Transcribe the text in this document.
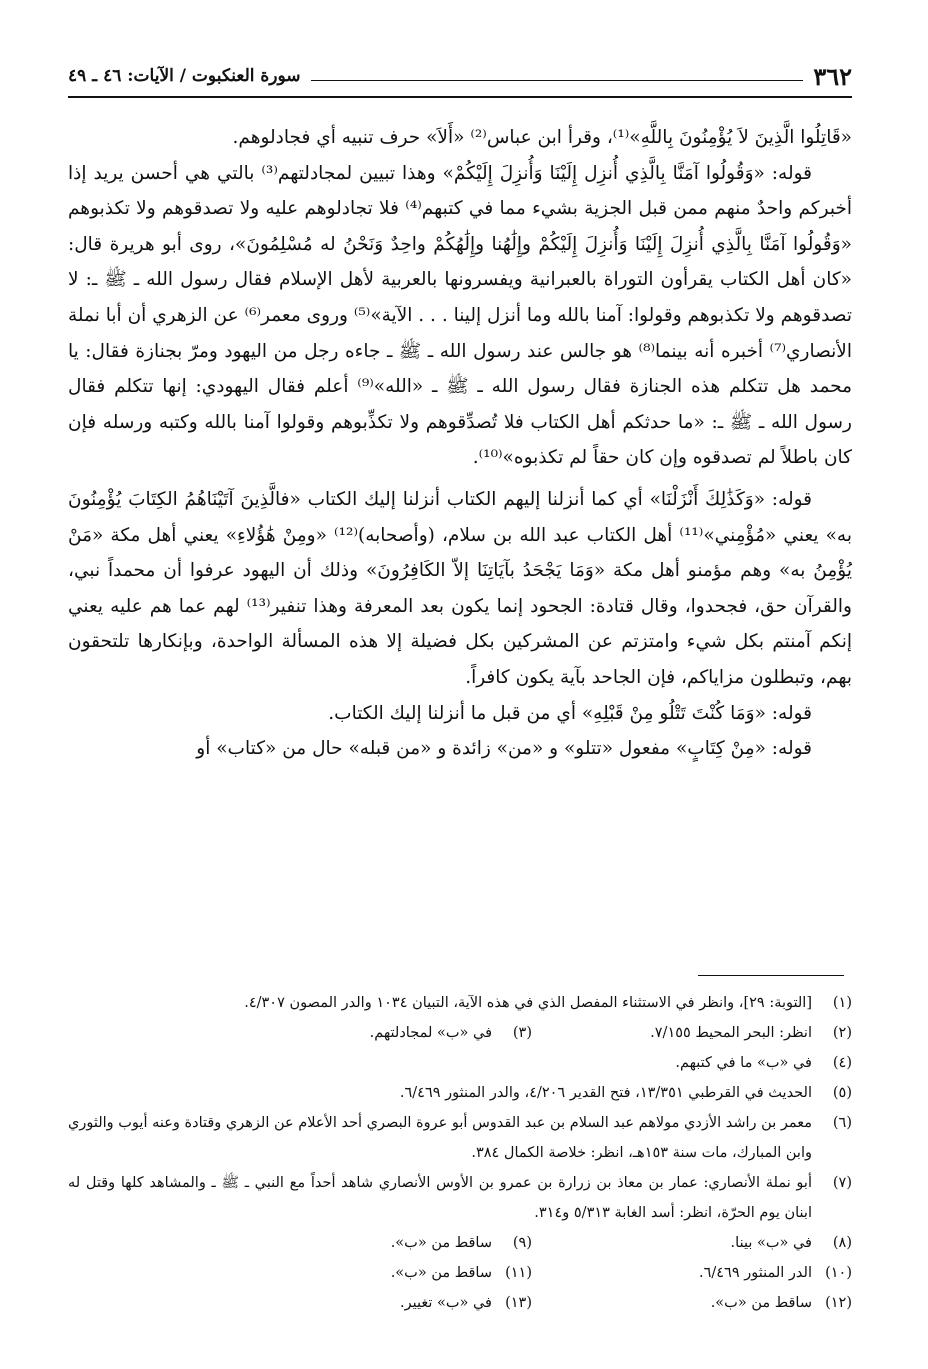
٣٦٢
سورة العنكبوت / الآيات: ٤٦ ـ ٤٩

«قَاتِلُوا الَّذِينَ لاَ يُؤْمِنُونَ بِاللَّهِ»⁽¹⁾، وقرأ ابن عباس⁽²⁾ «أَلاَ» حرف تنبيه أي فجادلوهم.

قوله: «وَقُولُوا آمَنَّا بِالَّذِي أُنزِل إِلَيْنَا وَأُنزِلَ إِلَيْكُمْ» وهذا تبيين لمجادلتهم⁽³⁾ بالتي هي أحسن يريد إذا أخبركم واحدٌ منهم ممن قبل الجزية بشيء مما في كتبهم⁽⁴⁾ فلا تجادلوهم عليه ولا تصدقوهم ولا تكذبوهم «وَقُولُوا آمَنَّا بِالَّذِي أُنزِلَ إِلَيْنَا وَأُنزِلَ إِلَيْكُمْ وإِلَٰهُنا وإِلَٰهُكُمْ واحِدٌ وَنَحْنُ له مُسْلِمُونَ»، روى أبو هريرة قال: «كان أهل الكتاب يقرأون التوراة بالعبرانية ويفسرونها بالعربية لأهل الإسلام فقال رسول الله ـ ﷺ ـ: لا تصدقوهم ولا تكذبوهم وقولوا: آمنا بالله وما أنزل إلينا . . . الآية»⁽⁵⁾ وروى معمر⁽⁶⁾ عن الزهري أن أبا نملة الأنصاري⁽⁷⁾ أخبره أنه بينما⁽⁸⁾ هو جالس عند رسول الله ـ ﷺ ـ جاءه رجل من اليهود ومرّ بجنازة فقال: يا محمد هل تتكلم هذه الجنازة فقال رسول الله ـ ﷺ ـ «الله»⁽⁹⁾ أعلم فقال اليهودي: إنها تتكلم فقال رسول الله ـ ﷺ ـ: «ما حدثكم أهل الكتاب فلا تُصدِّقوهم ولا تكذِّبوهم وقولوا آمنا بالله وكتبه ورسله فإن كان باطلاً لم تصدقوه وإن كان حقاً لم تكذبوه»⁽¹⁰⁾.

قوله: «وَكَذَٰلِكَ أَنْزَلْنَا» أي كما أنزلنا إليهم الكتاب أنزلنا إليك الكتاب «فالَّذِينَ آتَيْنَاهُمُ الكِتَابَ يُؤْمِنُونَ به» يعني «مُؤْمِني»⁽¹¹⁾ أهل الكتاب عبد الله بن سلام، (وأصحابه)⁽¹²⁾ «ومِنْ هَٰؤُلاءِ» يعني أهل مكة «مَنْ يُؤْمِنُ به» وهم مؤمنو أهل مكة «وَمَا يَجْحَدُ بآيَاتِنَا إلاّ الكَافِرُونَ» وذلك أن اليهود عرفوا أن محمداً نبي، والقرآن حق، فجحدوا، وقال قتادة: الجحود إنما يكون بعد المعرفة وهذا تنفير⁽¹³⁾ لهم عما هم عليه يعني إنكم آمنتم بكل شيء وامتزتم عن المشركين بكل فضيلة إلا هذه المسألة الواحدة، وبإنكارها تلتحقون بهم، وتبطلون مزاياكم، فإن الجاحد بآية يكون كافراً.

قوله: «وَمَا كُنْتَ تَتْلُو مِنْ قَبْلِهِ» أي من قبل ما أنزلنا إليك الكتاب.

قوله: «مِنْ كِتَابٍ» مفعول «تتلو» و «من» زائدة و «من قبله» حال من «كتاب» أو

(١)
[التوبة: ٢٩]، وانظر في الاستثناء المفصل الذي في هذه الآية، التبيان ١٠٣٤ والدر المصون ٤/٣٠٧.
(٢)
انظر: البحر المحيط ٧/١٥٥.
(٣)
في «ب» لمجادلتهم.
(٤)
في «ب» ما في كتبهم.
(٥)
الحديث في القرطبي ١٣/٣٥١، فتح القدير ٤/٢٠٦، والدر المنثور ٦/٤٦٩.
(٦)
معمر بن راشد الأزدي مولاهم عبد السلام بن عبد القدوس أبو عروة البصري أحد الأعلام عن الزهري وقتادة وعنه أيوب والثوري وابن المبارك، مات سنة ١٥٣هـ، انظر: خلاصة الكمال ٣٨٤.
(٧)
أبو نملة الأنصاري: عمار بن معاذ بن زرارة بن عمرو بن الأوس الأنصاري شاهد أحداً مع النبي ـ ﷺ ـ والمشاهد كلها وقتل له ابنان يوم الحرّة، انظر: أسد الغابة ٥/٣١٣ و٣١٤.
(٨)
في «ب» بينا.
(٩)
ساقط من «ب».
(١٠)
الدر المنثور ٦/٤٦٩.
(١١)
ساقط من «ب».
(١٢)
ساقط من «ب».
(١٣)
في «ب» تغيير.
